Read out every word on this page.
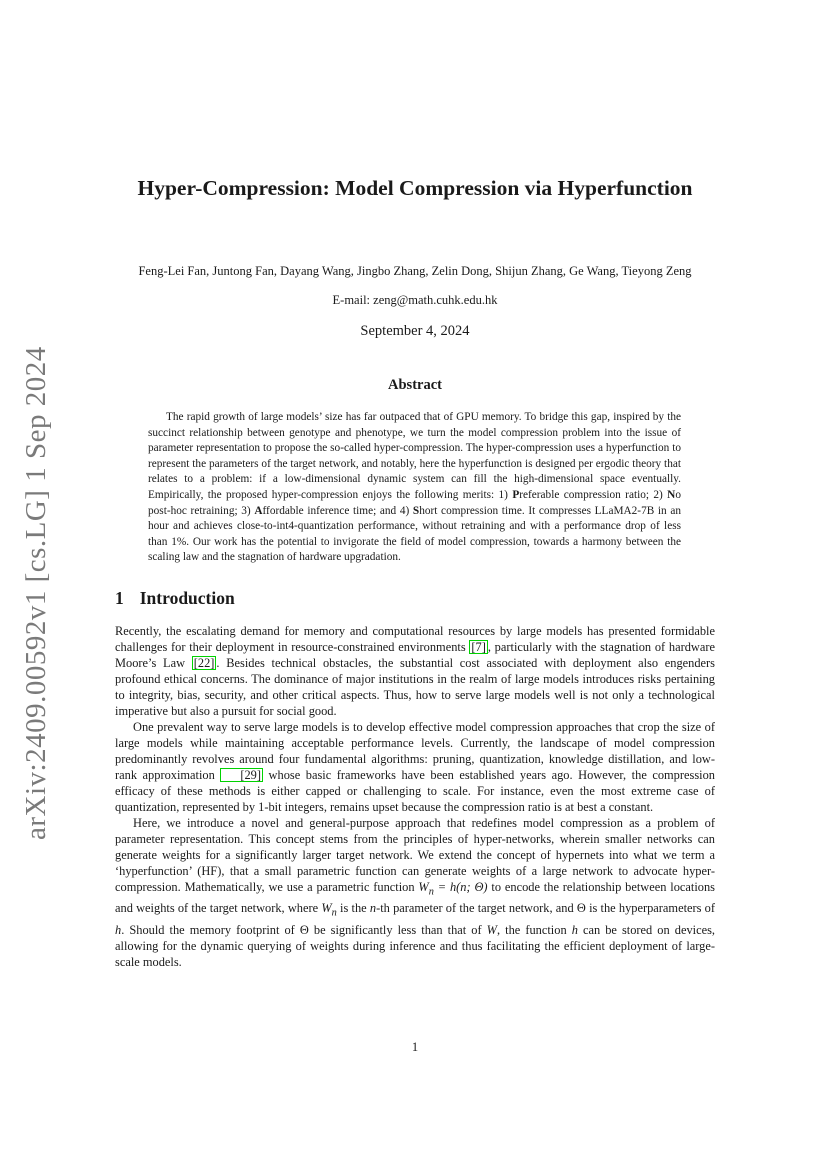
arXiv:2409.00592v1 [cs.LG] 1 Sep 2024
Hyper-Compression: Model Compression via Hyperfunction
Feng-Lei Fan, Juntong Fan, Dayang Wang, Jingbo Zhang, Zelin Dong, Shijun Zhang, Ge Wang, Tieyong Zeng
E-mail: zeng@math.cuhk.edu.hk
September 4, 2024
Abstract

The rapid growth of large models’ size has far outpaced that of GPU memory. To bridge this gap, inspired by the succinct relationship between genotype and phenotype, we turn the model compression problem into the issue of parameter representation to propose the so-called hyper-compression. The hyper-compression uses a hyperfunction to represent the parameters of the target network, and notably, here the hyperfunction is designed per ergodic theory that relates to a problem: if a low-dimensional dynamic system can fill the high-dimensional space eventually. Empirically, the proposed hyper-compression enjoys the following merits: 1) Preferable compression ratio; 2) No post-hoc retraining; 3) Affordable inference time; and 4) Short compression time. It compresses LLaMA2-7B in an hour and achieves close-to-int4-quantization performance, without retraining and with a performance drop of less than 1%. Our work has the potential to invigorate the field of model compression, towards a harmony between the scaling law and the stagnation of hardware upgradation.

1 Introduction

Recently, the escalating demand for memory and computational resources by large models has presented formidable challenges for their deployment in resource-constrained environments [7] , particularly with the stagnation of hardware Moore’s Law [22] . Besides technical obstacles, the substantial cost associated with deployment also engenders profound ethical concerns. The dominance of major institutions in the realm of large models introduces risks pertaining to integrity, bias, security, and other critical aspects. Thus, how to serve large models well is not only a technological imperative but also a pursuit for social good.

One prevalent way to serve large models is to develop effective model compression approaches that crop the size of large models while maintaining acceptable performance levels. Currently, the landscape of model compression predominantly revolves around four fundamental algorithms: pruning, quantization, knowledge distillation, and low-rank approximation [29] whose basic frameworks have been established years ago. However, the compression efficacy of these methods is either capped or challenging to scale. For instance, even the most extreme case of quantization, represented by 1-bit integers, remains upset because the compression ratio is at best a constant.

Here, we introduce a novel and general-purpose approach that redefines model compression as a problem of parameter representation. This concept stems from the principles of hyper-networks, wherein smaller networks can generate weights for a significantly larger target network. We extend the concept of hypernets into what we term a ‘hyperfunction’ (HF), that a small parametric function can generate weights of a large network to advocate hyper-compression. Mathematically, we use a parametric function $W_n = h(n$; Θ) to encode the relationship between locations and weights of the target network, where $W_n$ is the n-th parameter of the target network, and Θ is the hyperparameters of h. Should the memory footprint of Θ be significantly less than that of W, the function h can be stored on devices, allowing for the dynamic querying of weights during inference and thus facilitating the efficient deployment of large-scale models.

1
